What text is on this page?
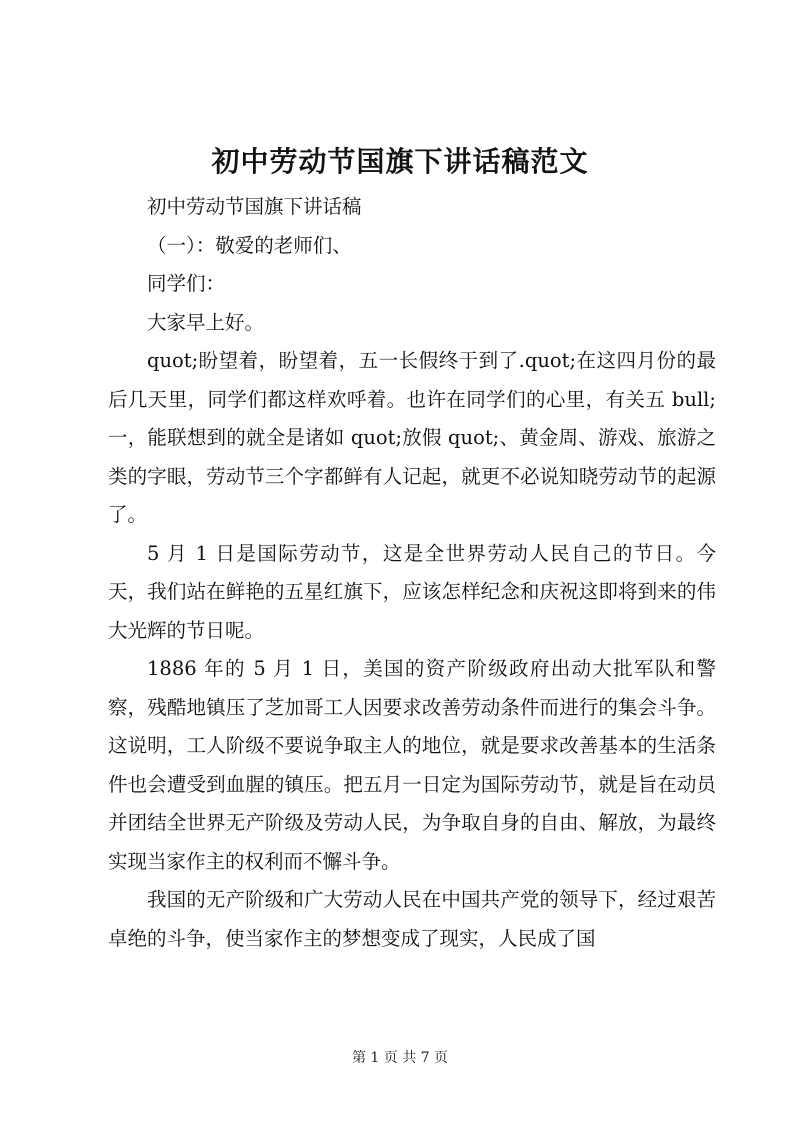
初中劳动节国旗下讲话稿范文

初中劳动节国旗下讲话稿

（一）：敬爱的老师们、

同学们：

大家早上好。

quot;盼望着，盼望着，五一长假终于到了.quot;在这四月份的最后几天里，同学们都这样欢呼着。也许在同学们的心里，有关五 bull;一，能联想到的就全是诸如 quot;放假 quot;、黄金周、游戏、旅游之类的字眼，劳动节三个字都鲜有人记起，就更不必说知晓劳动节的起源了。

5 月 1 日是国际劳动节，这是全世界劳动人民自己的节日。今天，我们站在鲜艳的五星红旗下，应该怎样纪念和庆祝这即将到来的伟大光辉的节日呢。

1886 年的 5 月 1 日，美国的资产阶级政府出动大批军队和警察，残酷地镇压了芝加哥工人因要求改善劳动条件而进行的集会斗争。这说明，工人阶级不要说争取主人的地位，就是要求改善基本的生活条件也会遭受到血腥的镇压。把五月一日定为国际劳动节，就是旨在动员并团结全世界无产阶级及劳动人民，为争取自身的自由、解放，为最终实现当家作主的权利而不懈斗争。

我国的无产阶级和广大劳动人民在中国共产党的领导下，经过艰苦卓绝的斗争，使当家作主的梦想变成了现实，人民成了国

第 1 页 共 7 页
